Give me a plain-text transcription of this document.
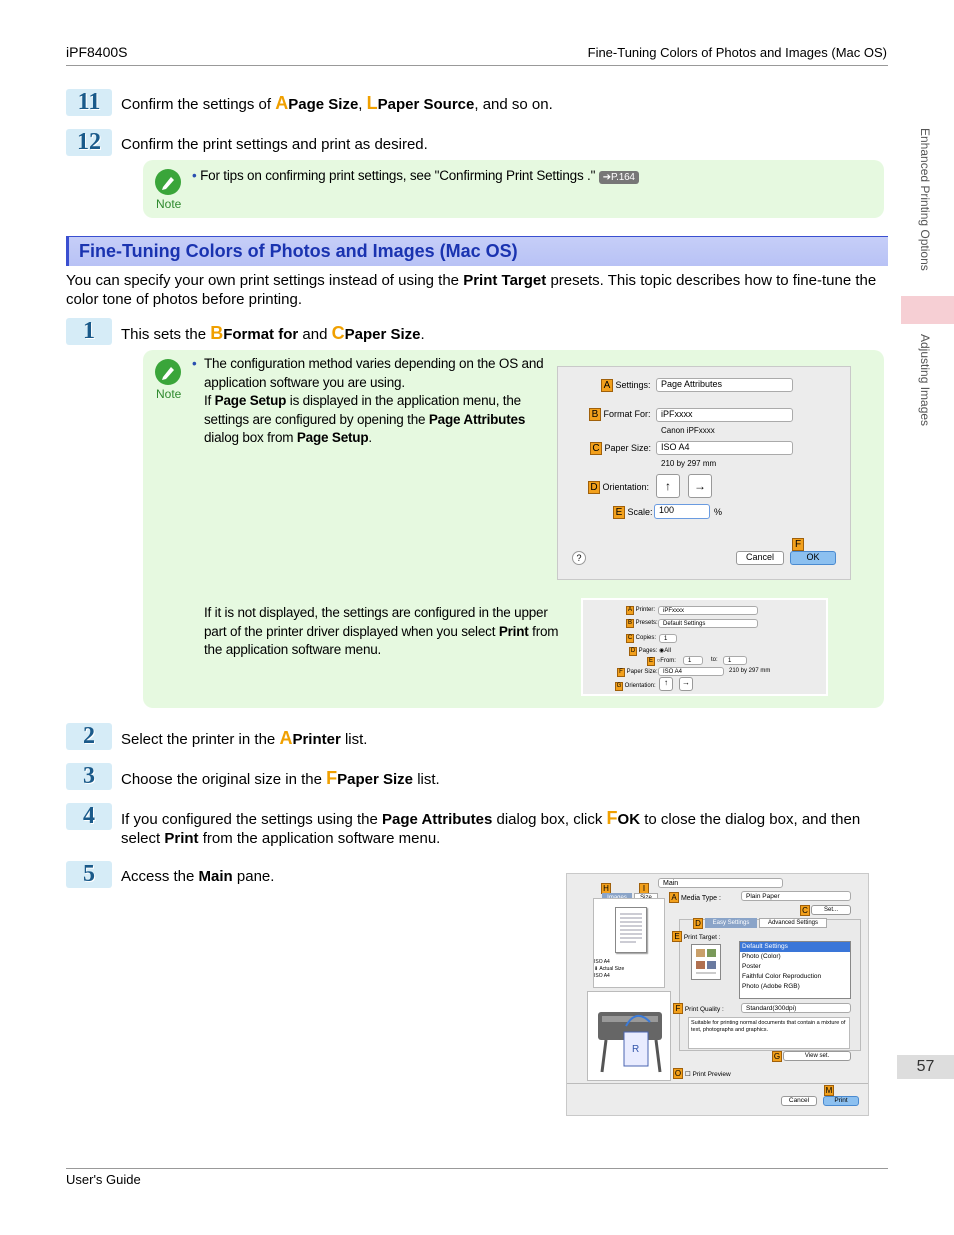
iPF8400S	Fine-Tuning Colors of Photos and Images (Mac OS)
Enhanced Printing Options
Adjusting Images
11	Confirm the settings of APage Size, LPaper Source, and so on.
12	Confirm the print settings and print as desired.
Note
• For tips on confirming print settings, see "Confirming Print Settings ." ➔P.164
Fine-Tuning Colors of Photos and Images (Mac OS)
You can specify your own print settings instead of using the Print Target presets. This topic describes how to fine-tune the color tone of photos before printing.
1	This sets the BFormat for and CPaper Size.
Note
• The configuration method varies depending on the OS and application software you are using.
If Page Setup is displayed in the application menu, the settings are configured by opening the Page Attributes dialog box from Page Setup.
If it is not displayed, the settings are configured in the upper part of the printer driver displayed when you select Print from the application software menu.
A Settings:	Page Attributes
B Format For:	iPFxxxx
Canon iPFxxxx
C Paper Size:	ISO A4
210 by 297 mm
D Orientation:	↑	→
E Scale: 100	%
?
F
Cancel	OK
A Printer:	iPFxxxx
B Presets: Default Settings
C Copies:	1
D Pages: ◉All
E ○From:	1	to:	1
F Paper Size: ISO A4	210 by 297 mm
G Orientation:	↑	→
2	Select the printer in the APrinter list.
3	Choose the original size in the FPaper Size list.
4	If you configured the settings using the Page Attributes dialog box, click FOK to close the dialog box, and then select Print from the application software menu.
5	Access the Main pane.	Main
H	I
ISO A4
⬇ Actual Size
ISO A4
R
A Media Type :	Plain Paper
C	Set...
D	Easy Settings	Advanced Settings
E Print Target :
Default Settings
Photo (Color)
Poster
Faithful Color Reproduction
Photo (Adobe RGB)
F Print Quality :	Standard(300dpi)
Suitable for printing normal documents that contain a mixture of text, photographs and graphics.
G	View set.
O ☐ Print Preview
M
Cancel	Print
57
User's Guide
